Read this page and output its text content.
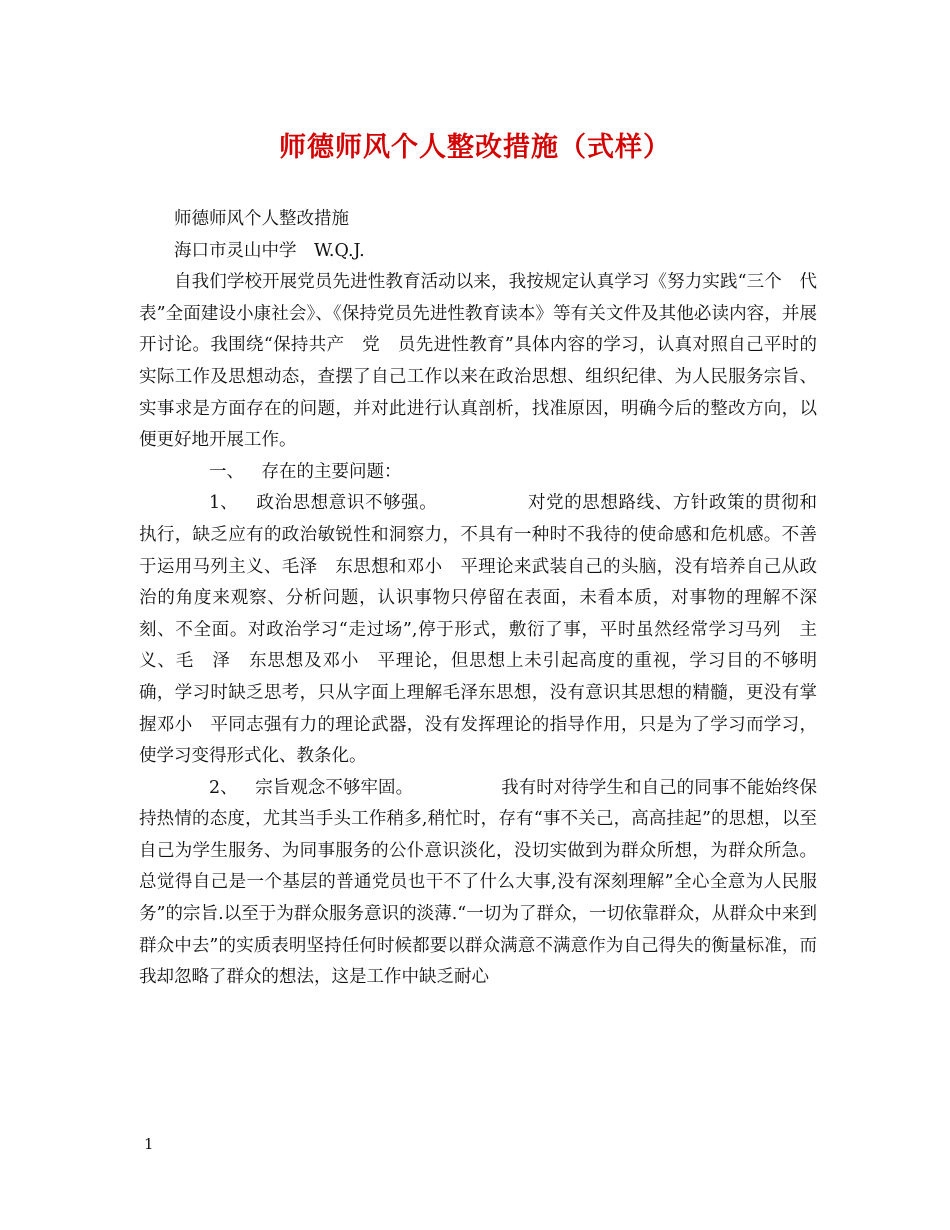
师德师风个人整改措施（式样）

师德师风个人整改措施

海口市灵山中学　W.Q.J.

自我们学校开展党员先进性教育活动以来，我按规定认真学习《努力实践“三个　代表”全面建设小康社会》、《保持党员先进性教育读本》等有关文件及其他必读内容，并展开讨论。我围绕“保持共产　党　员先进性教育”具体内容的学习，认真对照自己平时的实际工作及思想动态，查摆了自己工作以来在政治思想、组织纪律、为人民服务宗旨、实事求是方面存在的问题，并对此进行认真剖析，找准原因，明确今后的整改方向，以便更好地开展工作。

一、　 存在的主要问题：

1、　 政治思想意识不够强。	对党的思想路线、方针政策的贯彻和执行，缺乏应有的政治敏锐性和洞察力，不具有一种时不我待的使命感和危机感。不善于运用马列主义、毛泽　东思想和邓小　平理论来武装自己的头脑，没有培养自己从政治的角度来观察、分析问题，认识事物只停留在表面，未看本质，对事物的理解不深刻、不全面。对政治学习“走过场”,停于形式，敷衍了事，平时虽然经常学习马列　主义、毛　泽　东思想及邓小　平理论，但思想上未引起高度的重视，学习目的不够明确，学习时缺乏思考，只从字面上理解毛泽东思想，没有意识其思想的精髓，更没有掌握邓小　平同志强有力的理论武器，没有发挥理论的指导作用，只是为了学习而学习，使学习变得形式化、教条化。

2、　 宗旨观念不够牢固。	我有时对待学生和自己的同事不能始终保持热情的态度，尤其当手头工作稍多,稍忙时，存有“事不关己，高高挂起”的思想，以至自己为学生服务、为同事服务的公仆意识淡化，没切实做到为群众所想，为群众所急。总觉得自己是一个基层的普通党员也干不了什么大事,没有深刻理解”全心全意为人民服务”的宗旨.以至于为群众服务意识的淡薄.“一切为了群众，一切依靠群众，从群众中来到群众中去”的实质表明坚持任何时候都要以群众满意不满意作为自己得失的衡量标准，而我却忽略了群众的想法，这是工作中缺乏耐心

1
